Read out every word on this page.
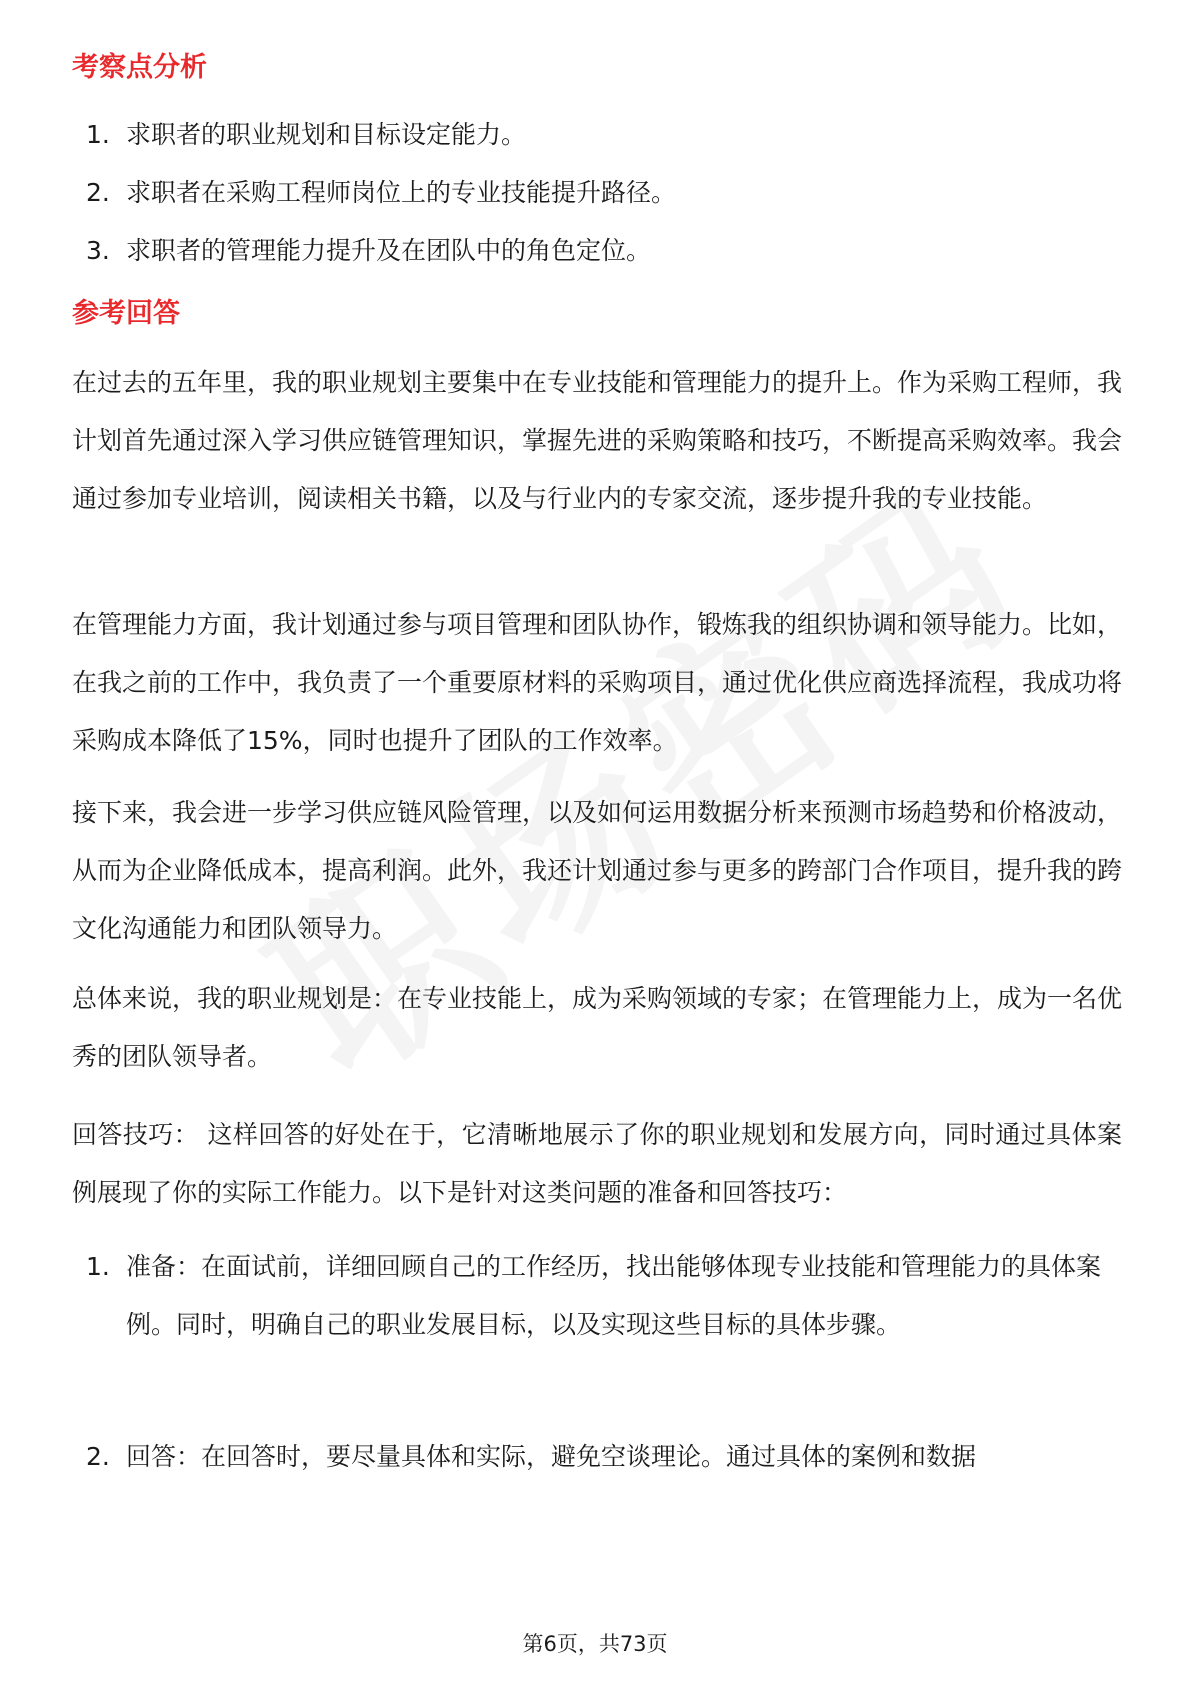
考察点分析
1. 求职者的职业规划和目标设定能力。
2. 求职者在采购工程师岗位上的专业技能提升路径。
3. 求职者的管理能力提升及在团队中的角色定位。
参考回答

在过去的五年里，我的职业规划主要集中在专业技能和管理能力的提升上。作为采购工程师，我计划首先通过深入学习供应链管理知识，掌握先进的采购策略和技巧，不断提高采购效率。我会通过参加专业培训，阅读相关书籍，以及与行业内的专家交流，逐步提升我的专业技能。

在管理能力方面，我计划通过参与项目管理和团队协作，锻炼我的组织协调和领导能力。比如，在我之前的工作中，我负责了一个重要原材料的采购项目，通过优化供应商选择流程，我成功将采购成本降低了15%，同时也提升了团队的工作效率。

接下来，我会进一步学习供应链风险管理，以及如何运用数据分析来预测市场趋势和价格波动，从而为企业降低成本，提高利润。此外，我还计划通过参与更多的跨部门合作项目，提升我的跨文化沟通能力和团队领导力。

总体来说，我的职业规划是：在专业技能上，成为采购领域的专家；在管理能力上，成为一名优秀的团队领导者。

回答技巧： 这样回答的好处在于，它清晰地展示了你的职业规划和发展方向，同时通过具体案例展现了你的实际工作能力。以下是针对这类问题的准备和回答技巧：

1. 准备：在面试前，详细回顾自己的工作经历，找出能够体现专业技能和管理能力的具体案例。同时，明确自己的职业发展目标，以及实现这些目标的具体步骤。
2. 回答：在回答时，要尽量具体和实际，避免空谈理论。通过具体的案例和数据
第6页，共73页
